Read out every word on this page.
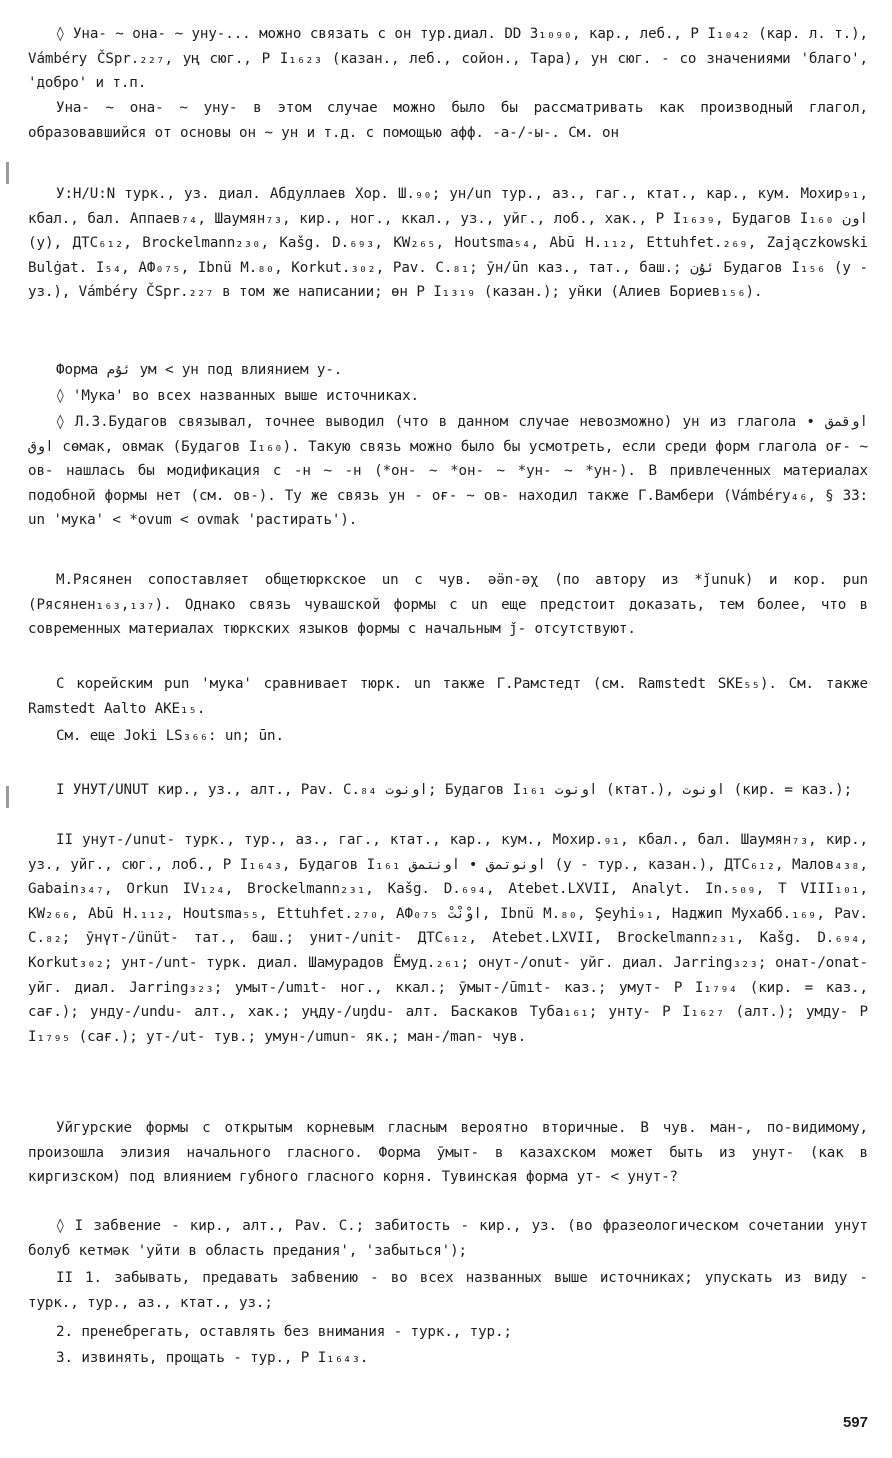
◊ Уна- ~ она- ~ уну-... можно связать с он тур.диал. DD 3₁₀₉₀, кар., леб., Р I₁₀₄₂ (кар. л. т.), Vámbéry ČSpr.₂₂₇, уң сюг., Р I₁₆₂₃ (казан., леб., сойон., Тара), ун сюг. - со значениями 'благо', 'добро' и т.п.

Уна- ~ она- ~ уну- в этом случае можно было бы рассматривать как производный глагол, образовавшийся от основы он ~ ун и т.д. с помощью афф. -а-/-ы-. См. он

У:Н/U:N турк., уз. диал. Абдуллаев Хор. Ш.₉₀; ун/un тур., аз., гаг., ктат., кар., кум. Мохир₉₁, кбал., бал. Аппаев₇₄, Шаумян₇₃, кир., ног., ккал., уз., уйг., лоб., хак., Р I₁₆₃₉, Будагов I₁₆₀ اون (у), ДТС₆₁₂, Brockelmann₂₃₀, Kašg. D.₆₉₃, KW₂₆₅, Houtsma₅₄, Abū H.₁₁₂, Ettuhfet.₂₆₉, Zajączkowski Bulġat. I₅₄, АФ₀₇₅, Ibnü M.₈₀, Korkut.₃₀₂, Pav. C.₈₁; ӯн/ūn каз., тат., баш.; ئۇن Будагов I₁₅₆ (у - уз.), Vámbéry ČSpr.₂₂₇ в том же написании; өн Р I₁₃₁₉ (казан.); ун̆ки (Алиев Бориев₁₅₆).

Форма ئۇم ум < ун под влиянием у-.

◊ 'Мука' во всех названных выше источниках.

◊ Л.З.Будагов связывал, точнее выводил (что в данном случае невозможно) ун из глагола اوقمق • اوق сөмак, овмак (Будагов I₁₆₀). Такую связь можно было бы усмотреть, если среди форм глагола оғ- ~ ов- нашлась бы модификация с -н ~ -н (*он- ~ *он- ~ *ун- ~ *ун-). В привлеченных материалах подобной формы нет (см. ов-). Ту же связь ун - оғ- ~ ов- находил также Г.Вамбери (Vámbéry₄₆, § 33: un 'мука' < *ovum < ovmak 'растирать').

М.Рясянен сопоставляет общетюркское un с чув. ǝ̈ǝn-ǝχ (по автору из *ǰunuk) и кор. pun (Рясянен₁₆₃,₁₃₇). Однако связь чувашской формы с un еще предстоит доказать, тем более, что в современных материалах тюркских языков формы с начальным ǰ- отсутствуют.

С корейским pun 'мука' сравнивает тюрк. un также Г.Рамстедт (см. Ramstedt SKE₅₅). См. также Ramstedt Aalto AKE₁₅.

См. еще Joki LS₃₆₆: un; ūn.

I УНУТ/UNUT кир., уз., алт., Pav. C.₈₄ اونوت; Будагов I₁₆₁ اونوت (ктат.), اونوت (кир. = каз.);

II унут-/unut- турк., тур., аз., гаг., ктат., кар., кум., Мохир.₉₁, кбал., бал. Шаумян₇₃, кир., уз., уйг., сюг., лоб., Р I₁₆₄₃, Будагов I₁₆₁ اونوتمق • اونتمق (у - тур., казан.), ДТС₆₁₂, Малов₄₃₈, Gabain₃₄₇, Orkun IV₁₂₄, Brockelmann₂₃₁, Kašg. D.₆₉₄, Atebet.LXVII, Analyt. In.₅₀₉, Т VIII₁₀₁, KW₂₆₆, Abū H.₁₁₂, Houtsma₅₅, Ettuhfet.₂₇₀, АФ₀₇₅ اوْنْتْ, Ibnü M.₈₀, Şeyhi₉₁, Наджип Мухабб.₁₆₉, Pav. C.₈₂; ӯнүт-/ünüt- тат., баш.; унит-/unit- ДТС₆₁₂, Atebet.LXVII, Brockelmann₂₃₁, Kašg. D.₆₉₄, Korkut₃₀₂; унт-/unt- турк. диал. Шамурадов Ёмуд.₂₆₁; онут-/onut- уйг. диал. Jarring₃₂₃; онат-/onat- уйг. диал. Jarring₃₂₃; умыт-/umıt- ног., ккал.; ӯмыт-/ūmıt- каз.; умут- Р I₁₇₉₄ (кир. = каз., сағ.); унду-/undu- алт., хак.; уңду-/uŋdu- алт. Баскаков Туба₁₆₁; унту- Р I₁₆₂₇ (алт.); умду- Р I₁₇₉₅ (сағ.); ут-/ut- тув.; умун-/umun- як.; ман-/man- чув.

Уйгурские формы с открытым корневым гласным вероятно вторичные. В чув. ман-, по-видимому, произошла элизия начального гласного. Форма ӯмыт- в казахском может быть из унут- (как в киргизском) под влиянием губного гласного корня. Тувинская форма ут- < унут-?

◊ I забвение - кир., алт., Pav. C.; забитость - кир., уз. (во фразеологическом сочетании унут болуб кетмәк 'уйти в область предания', 'забыться');

II 1. забывать, предавать забвению - во всех названных выше источниках; упускать из виду - турк., тур., аз., ктат., уз.;

2. пренебрегать, оставлять без внимания - турк., тур.;

3. извинять, прощать - тур., Р I₁₆₄₃.

597
